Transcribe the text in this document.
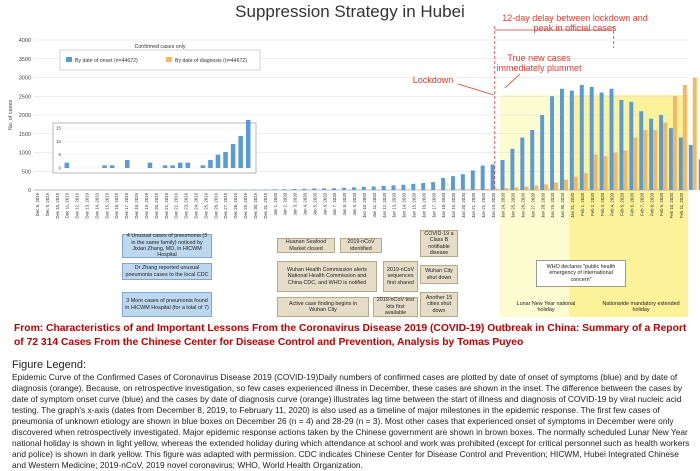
0
500
1000
1500
2000
2500
3000
3500
4000
No. of cases
Dec 8, 2019 Dec 9, 2019 Dec 10, 2019 Dec 11, 2019 Dec 12, 2019 Dec 13, 2019 Dec 14, 2019 Dec 15, 2019 Dec 16, 2019 Dec 17, 2019 Dec 18, 2019 Dec 19, 2019 Dec 20, 2019 Dec 21, 2019 Dec 22, 2019 Dec 23, 2019 Dec 24, 2019 Dec 25, 2019 Dec 26, 2019 Dec 27, 2019 Dec 28, 2019 Dec 29, 2019 Dec 30, 2019 Dec 31, 2019 Jan 1, 2020 Jan 2, 2020 Jan 3, 2020 Jan 4, 2020 Jan 5, 2020 Jan 6, 2020 Jan 7, 2020 Jan 8, 2020 Jan 9, 2020 Jan 10, 2020 Jan 11, 2020 Jan 12, 2020 Jan 13, 2020 Jan 14, 2020 Jan 15, 2020 Jan 16, 2020 Jan 17, 2020 Jan 18, 2020 Jan 19, 2020 Jan 20, 2020 Jan 21, 2020 Jan 22, 2020 Jan 23, 2020 Jan 24, 2020 Jan 25, 2020 Jan 26, 2020 Jan 27, 2020 Jan 28, 2020 Jan 29, 2020 Jan 30, 2020 Jan 31, 2020 Feb 1, 2020 Feb 2, 2020 Feb 3, 2020 Feb 4, 2020 Feb 5, 2020 Feb 6, 2020 Feb 7, 2020 Feb 8, 2020 Feb 9, 2020 Feb 10, 2020 Feb 11, 2020
Confirmed cases only
By date of onset (n=44672)	By date of diagnosis (n=44672)
0
5
10
15
Suppression Strategy in Hubei
Lockdown
True new cases immediately plummet
12-day delay between lockdown and peak in official cases
4 Unusual cases of pneumonia (3 in the same family) noticed by Jixian Zhang, MD, in HICWM Hospital
Dr Zhang reported unusual pneumonia cases to the local CDC
3 More cases of pneumonia found in HICWM Hospital (for a total of 7)
Huanan Seafood Market closed
2019-nCoV identified
Wuhan Health Commission alerts National Health Commission and China CDC, and WHO is notified
2019-nCoV sequences first shared
Active case finding begins in Wuhan City
2019-nCoV test kits first available
COVID-19 a Class B notifiable disease
Wuhan City shut down
Another 15 cities shut down
WHO declares "public health emergency of international concern"
Lunar New Year national holiday
Nationwide mandatory extended holiday
From: Characteristics of and Important Lessons From the Coronavirus Disease 2019 (COVID-19) Outbreak in China: Summary of a Report of 72 314 Cases From the Chinese Center for Disease Control and Prevention, Analysis by Tomas Puyeo
Figure Legend:
Epidemic Curve of the Confirmed Cases of Coronavirus Disease 2019 (COVID-19)Daily numbers of confirmed cases are plotted by date of onset of symptoms (blue) and by date of diagnosis (orange). Because, on retrospective investigation, so few cases experienced illness in December, these cases are shown in the inset. The difference between the cases by date of symptom onset curve (blue) and the cases by date of diagnosis curve (orange) illustrates lag time between the start of illness and diagnosis of COVID-19 by viral nucleic acid testing. The graph's x-axis (dates from December 8, 2019, to February 11, 2020) is also used as a timeline of major milestones in the epidemic response. The first few cases of pneumonia of unknown etiology are shown in blue boxes on December 26 (n = 4) and 28-29 (n = 3). Most other cases that experienced onset of symptoms in December were only discovered when retrospectively investigated. Major epidemic response actions taken by the Chinese government are shown in brown boxes. The normally scheduled Lunar New Year national holiday is shown in light yellow, whereas the extended holiday during which attendance at school and work was prohibited (except for critical personnel such as health workers and police) is shown in dark yellow. This figure was adapted with permission. CDC indicates Chinese Center for Disease Control and Prevention; HICWM, Hubei Integrated Chinese and Western Medicine; 2019-nCoV, 2019 novel coronavirus; WHO, World Health Organization.
